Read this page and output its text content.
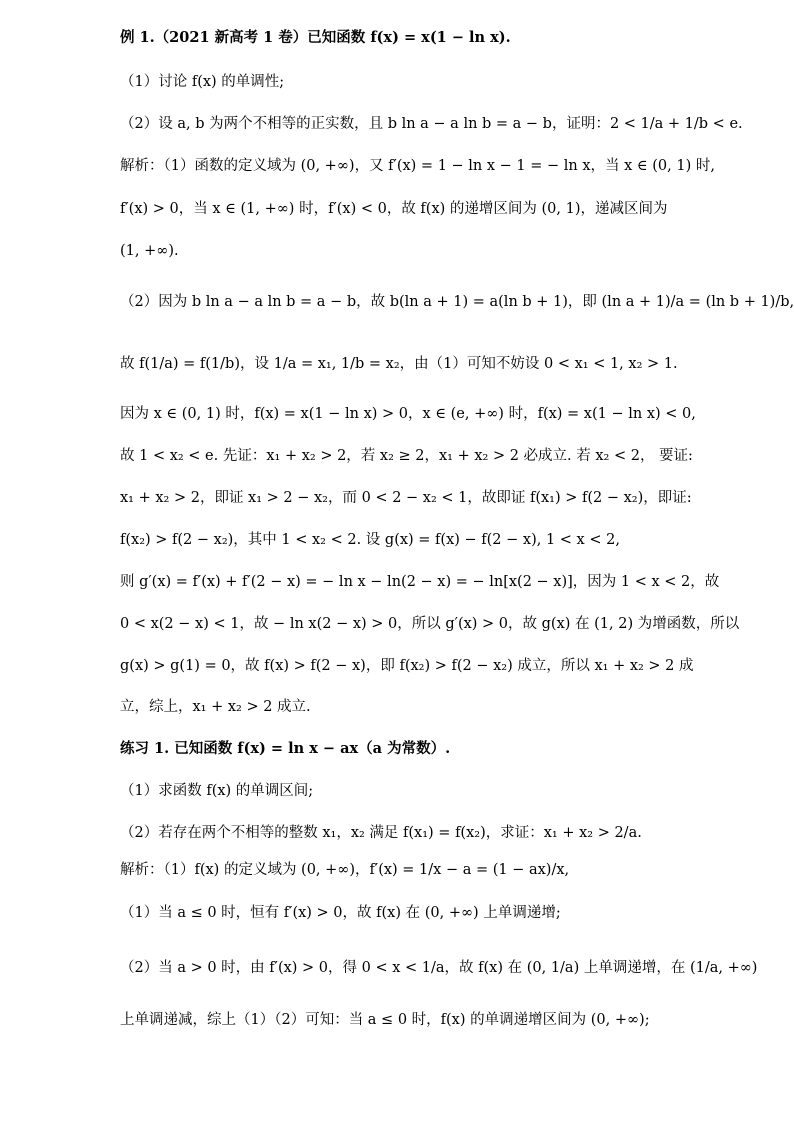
例 1.（2021 新高考 1 卷）已知函数 f(x) = x(1 − ln x).
（1）讨论 f(x) 的单调性;
（2）设 a, b 为两个不相等的正实数，且 b ln a − a ln b = a − b，证明：2 < 1/a + 1/b < e.
解析：（1）函数的定义域为 (0, +∞)，又 f′(x) = 1 − ln x − 1 = − ln x，当 x ∈ (0, 1) 时,
f′(x) > 0，当 x ∈ (1, +∞) 时，f′(x) < 0，故 f(x) 的递增区间为 (0, 1)，递减区间为
(1, +∞).
（2）因为 b ln a − a ln b = a − b，故 b(ln a + 1) = a(ln b + 1)，即 (ln a + 1)/a = (ln b + 1)/b,
故 f(1/a) = f(1/b)，设 1/a = x₁, 1/b = x₂，由（1）可知不妨设 0 < x₁ < 1, x₂ > 1.
因为 x ∈ (0, 1) 时，f(x) = x(1 − ln x) > 0，x ∈ (e, +∞) 时，f(x) = x(1 − ln x) < 0,
故 1 < x₂ < e. 先证：x₁ + x₂ > 2，若 x₂ ≥ 2，x₁ + x₂ > 2 必成立. 若 x₂ < 2， 要证:
x₁ + x₂ > 2，即证 x₁ > 2 − x₂，而 0 < 2 − x₂ < 1，故即证 f(x₁) > f(2 − x₂)，即证:
f(x₂) > f(2 − x₂)，其中 1 < x₂ < 2. 设 g(x) = f(x) − f(2 − x), 1 < x < 2,
则 g′(x) = f′(x) + f′(2 − x) = − ln x − ln(2 − x) = − ln[x(2 − x)]，因为 1 < x < 2，故
0 < x(2 − x) < 1，故 − ln x(2 − x) > 0，所以 g′(x) > 0，故 g(x) 在 (1, 2) 为增函数，所以
g(x) > g(1) = 0，故 f(x) > f(2 − x)，即 f(x₂) > f(2 − x₂) 成立，所以 x₁ + x₂ > 2 成
立，综上，x₁ + x₂ > 2 成立.
练习 1. 已知函数 f(x) = ln x − ax（a 为常数）.
（1）求函数 f(x) 的单调区间;
（2）若存在两个不相等的整数 x₁，x₂ 满足 f(x₁) = f(x₂)，求证：x₁ + x₂ > 2/a.
解析：（1）f(x) 的定义域为 (0, +∞)，f′(x) = 1/x − a = (1 − ax)/x,
（1）当 a ≤ 0 时，恒有 f′(x) > 0，故 f(x) 在 (0, +∞) 上单调递增;
（2）当 a > 0 时，由 f′(x) > 0，得 0 < x < 1/a，故 f(x) 在 (0, 1/a) 上单调递增，在 (1/a, +∞)
上单调递减，综上（1）（2）可知：当 a ≤ 0 时，f(x) 的单调递增区间为 (0, +∞);
